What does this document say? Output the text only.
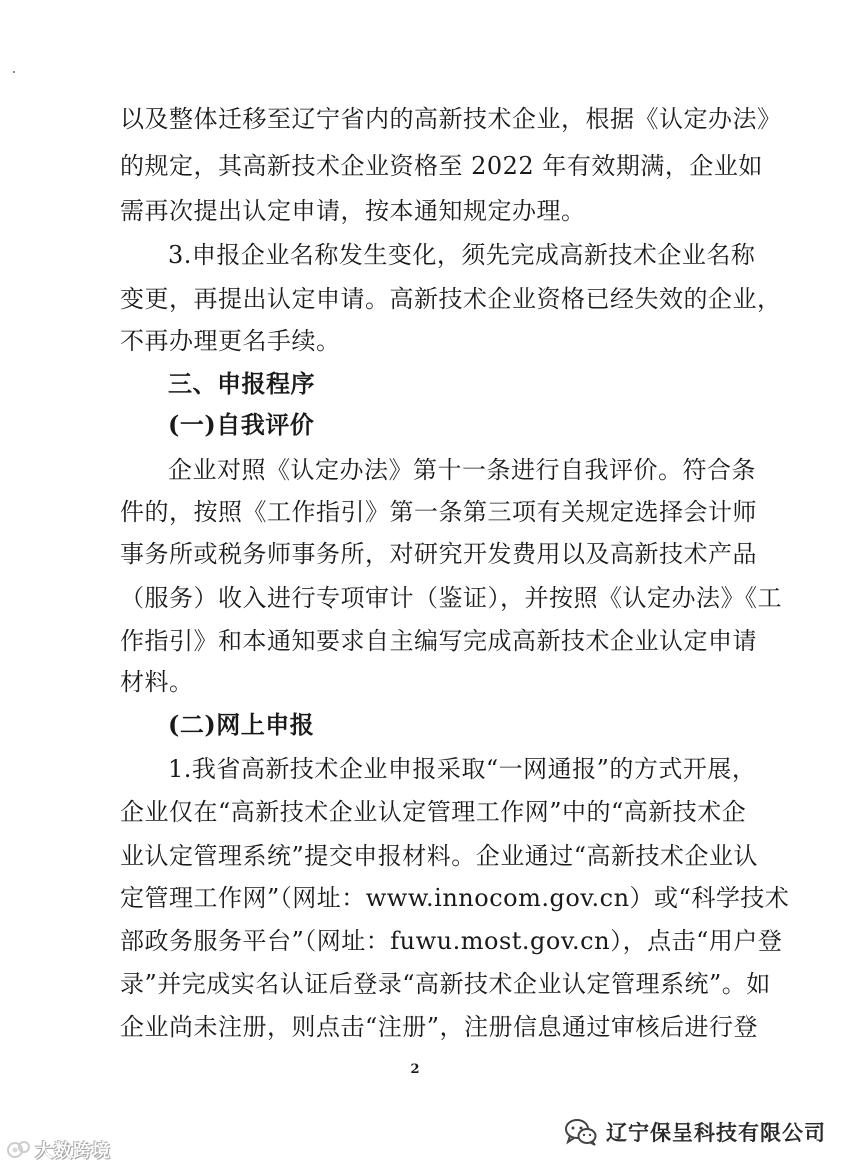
以及整体迁移至辽宁省内的高新技术企业，根据《认定办法》
的规定，其高新技术企业资格至 2022 年有效期满，企业如
需再次提出认定申请，按本通知规定办理。
3.申报企业名称发生变化，须先完成高新技术企业名称
变更，再提出认定申请。高新技术企业资格已经失效的企业，
不再办理更名手续。
三、申报程序
(一)自我评价
企业对照《认定办法》第十一条进行自我评价。符合条
件的，按照《工作指引》第一条第三项有关规定选择会计师
事务所或税务师事务所，对研究开发费用以及高新技术产品
（服务）收入进行专项审计（鉴证），并按照《认定办法》《工
作指引》和本通知要求自主编写完成高新技术企业认定申请
材料。
(二)网上申报
1.我省高新技术企业申报采取“一网通报”的方式开展，
企业仅在“高新技术企业认定管理工作网”中的“高新技术企
业认定管理系统”提交申报材料。企业通过“高新技术企业认
定管理工作网”（网址：www.innocom.gov.cn）或“科学技术
部政务服务平台”（网址：fuwu.most.gov.cn），点击“用户登
录”并完成实名认证后登录“高新技术企业认定管理系统”。如
企业尚未注册，则点击“注册”，注册信息通过审核后进行登
2
大数跨境
辽宁保呈科技有限公司
